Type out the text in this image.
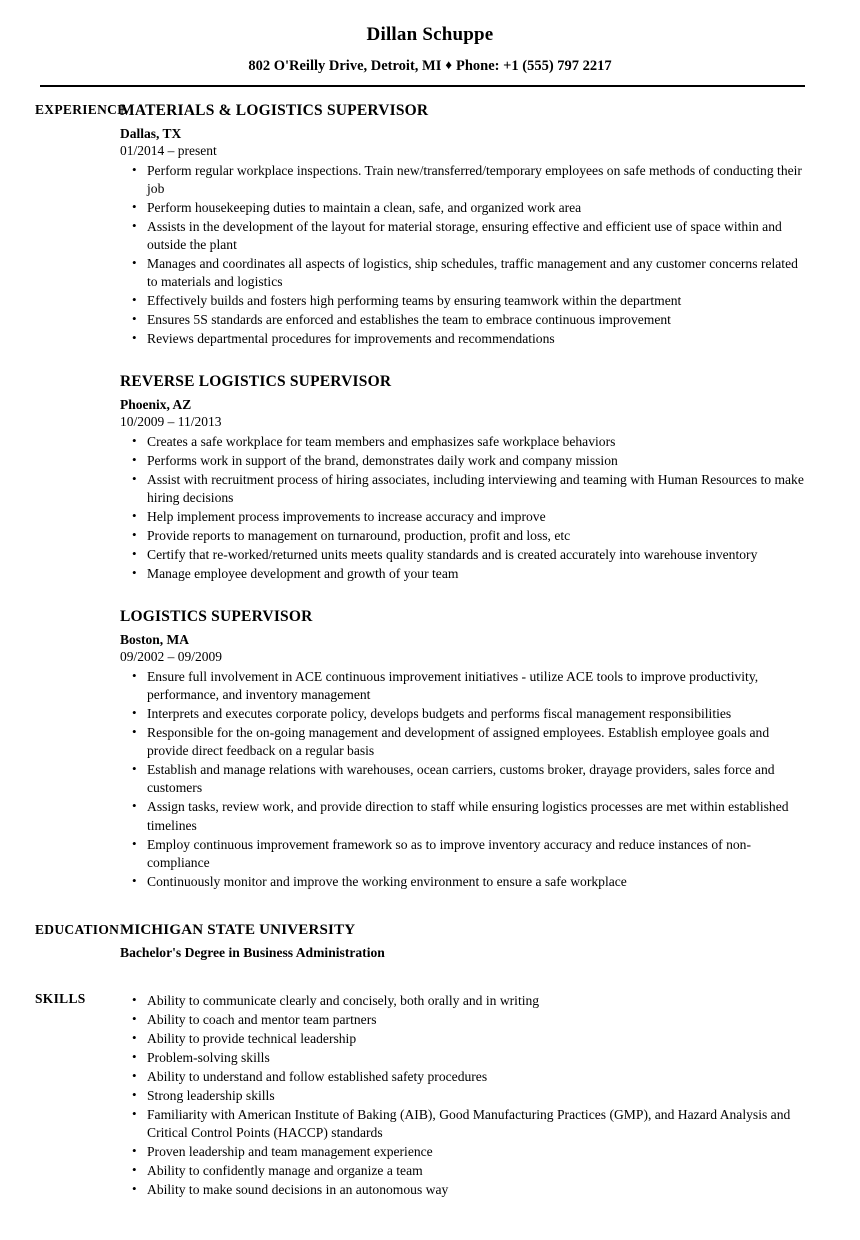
Dillan Schuppe
802 O'Reilly Drive, Detroit, MI ♦ Phone: +1 (555) 797 2217
EXPERIENCE
MATERIALS & LOGISTICS SUPERVISOR
Dallas, TX
01/2014 – present
• Perform regular workplace inspections. Train new/transferred/temporary employees on safe methods of conducting their job
• Perform housekeeping duties to maintain a clean, safe, and organized work area
• Assists in the development of the layout for material storage, ensuring effective and efficient use of space within and outside the plant
• Manages and coordinates all aspects of logistics, ship schedules, traffic management and any customer concerns related to materials and logistics
• Effectively builds and fosters high performing teams by ensuring teamwork within the department
• Ensures 5S standards are enforced and establishes the team to embrace continuous improvement
• Reviews departmental procedures for improvements and recommendations
REVERSE LOGISTICS SUPERVISOR
Phoenix, AZ
10/2009 – 11/2013
• Creates a safe workplace for team members and emphasizes safe workplace behaviors
• Performs work in support of the brand, demonstrates daily work and company mission
• Assist with recruitment process of hiring associates, including interviewing and teaming with Human Resources to make hiring decisions
• Help implement process improvements to increase accuracy and improve
• Provide reports to management on turnaround, production, profit and loss, etc
• Certify that re-worked/returned units meets quality standards and is created accurately into warehouse inventory
• Manage employee development and growth of your team
LOGISTICS SUPERVISOR
Boston, MA
09/2002 – 09/2009
• Ensure full involvement in ACE continuous improvement initiatives - utilize ACE tools to improve productivity, performance, and inventory management
• Interprets and executes corporate policy, develops budgets and performs fiscal management responsibilities
• Responsible for the on-going management and development of assigned employees. Establish employee goals and provide direct feedback on a regular basis
• Establish and manage relations with warehouses, ocean carriers, customs broker, drayage providers, sales force and customers
• Assign tasks, review work, and provide direction to staff while ensuring logistics processes are met within established timelines
• Employ continuous improvement framework so as to improve inventory accuracy and reduce instances of non-compliance
• Continuously monitor and improve the working environment to ensure a safe workplace
EDUCATION MICHIGAN STATE UNIVERSITY
Bachelor's Degree in Business Administration
SKILLS	• Ability to communicate clearly and concisely, both orally and in writing
• Ability to coach and mentor team partners
• Ability to provide technical leadership
• Problem-solving skills
• Ability to understand and follow established safety procedures
• Strong leadership skills
• Familiarity with American Institute of Baking (AIB), Good Manufacturing Practices (GMP), and Hazard Analysis and Critical Control Points (HACCP) standards
• Proven leadership and team management experience
• Ability to confidently manage and organize a team
• Ability to make sound decisions in an autonomous way
